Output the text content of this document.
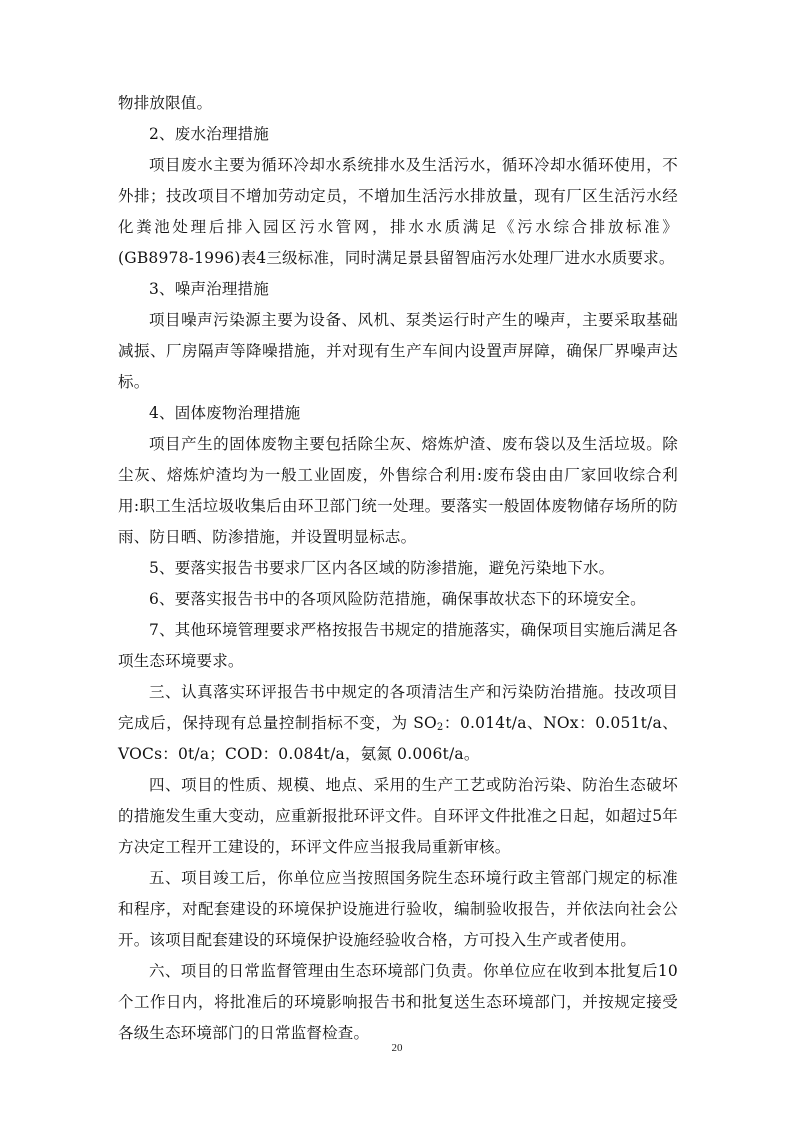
物排放限值。

2、废水治理措施

项目废水主要为循环冷却水系统排水及生活污水，循环冷却水循环使用，不外排；技改项目不增加劳动定员，不增加生活污水排放量，现有厂区生活污水经化粪池处理后排入园区污水管网，排水水质满足《污水综合排放标准》(GB8978-1996)表4三级标准，同时满足景县留智庙污水处理厂进水水质要求。

3、噪声治理措施

项目噪声污染源主要为设备、风机、泵类运行时产生的噪声，主要采取基础减振、厂房隔声等降噪措施，并对现有生产车间内设置声屏障，确保厂界噪声达标。

4、固体废物治理措施

项目产生的固体废物主要包括除尘灰、熔炼炉渣、废布袋以及生活垃圾。除尘灰、熔炼炉渣均为一般工业固废，外售综合利用:废布袋由由厂家回收综合利用:职工生活垃圾收集后由环卫部门统一处理。要落实一般固体废物储存场所的防雨、防日晒、防渗措施，并设置明显标志。

5、要落实报告书要求厂区内各区域的防渗措施，避免污染地下水。

6、要落实报告书中的各项风险防范措施，确保事故状态下的环境安全。

7、其他环境管理要求严格按报告书规定的措施落实，确保项目实施后满足各项生态环境要求。

三、认真落实环评报告书中规定的各项清洁生产和污染防治措施。技改项目完成后，保持现有总量控制指标不变，为 $SO_2$：0.014t/a、NOx：0.051t/a、VOCs：0t/a；COD：0.084t/a，氨氮 0.006t/a。

四、项目的性质、规模、地点、采用的生产工艺或防治污染、防治生态破坏的措施发生重大变动，应重新报批环评文件。自环评文件批准之日起，如超过5年方决定工程开工建设的，环评文件应当报我局重新审核。

五、项目竣工后，你单位应当按照国务院生态环境行政主管部门规定的标准和程序，对配套建设的环境保护设施进行验收，编制验收报告，并依法向社会公开。该项目配套建设的环境保护设施经验收合格，方可投入生产或者使用。

六、项目的日常监督管理由生态环境部门负责。你单位应在收到本批复后10个工作日内，将批准后的环境影响报告书和批复送生态环境部门，并按规定接受各级生态环境部门的日常监督检查。

20
